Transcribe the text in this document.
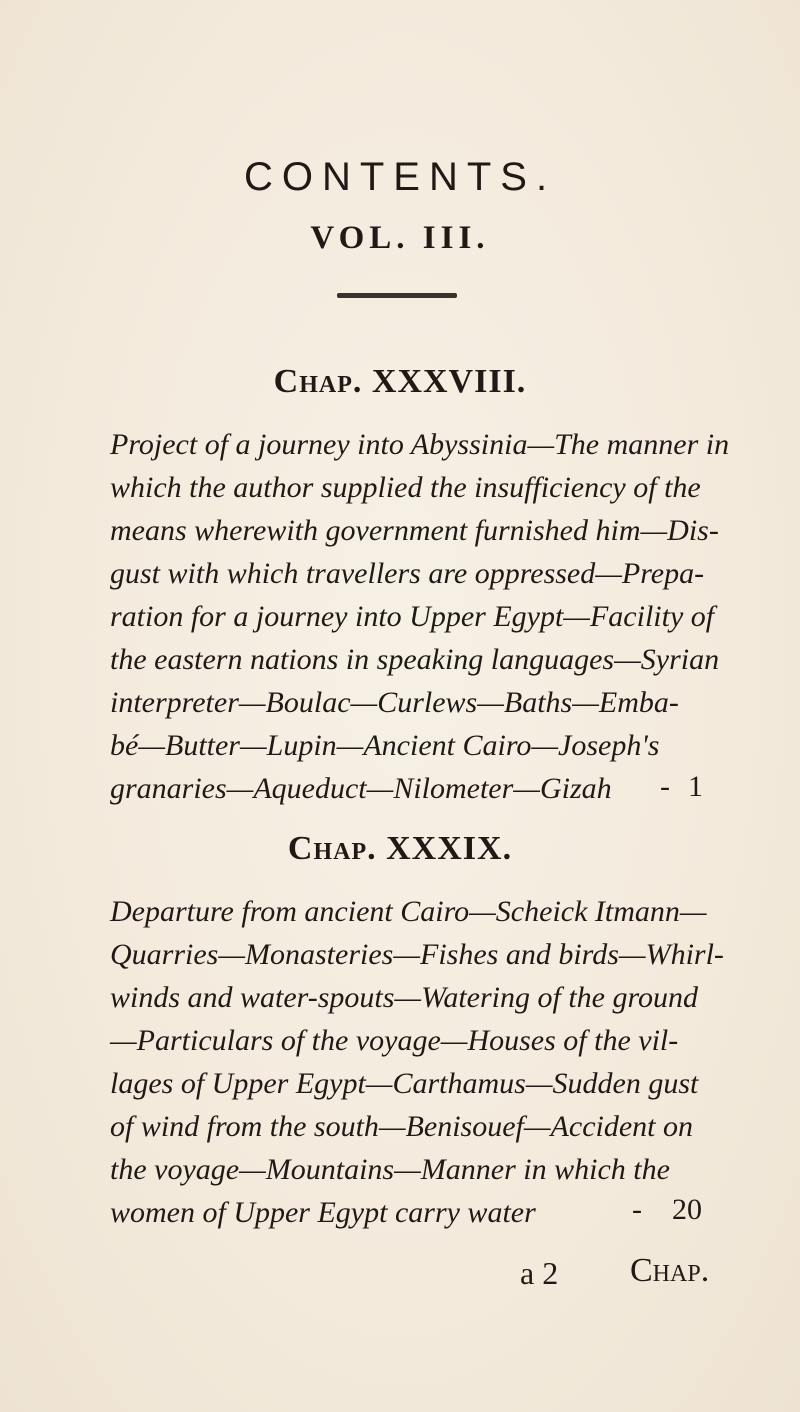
CONTENTS.
VOL. III.
Chap. XXXVIII.

Project of a journey into Abyssinia—The manner in
which the author supplied the insufficiency of the
means wherewith government furnished him—Dis-
gust with which travellers are oppressed—Prepa-
ration for a journey into Upper Egypt—Facility of
the eastern nations in speaking languages—Syrian
interpreter—Boulac—Curlews—Baths—Emba-
bé—Butter—Lupin—Ancient Cairo—Joseph's
granaries—Aqueduct—Nilometer—Gizah	- 1
Chap. XXXIX.

Departure from ancient Cairo—Scheick Itmann—
Quarries—Monasteries—Fishes and birds—Whirl-
winds and water-spouts—Watering of the ground
—Particulars of the voyage—Houses of the vil-
lages of Upper Egypt—Carthamus—Sudden gust
of wind from the south—Benisouef—Accident on
the voyage—Mountains—Manner in which the
women of Upper Egypt carry water	- 20
a 2 Chap.
